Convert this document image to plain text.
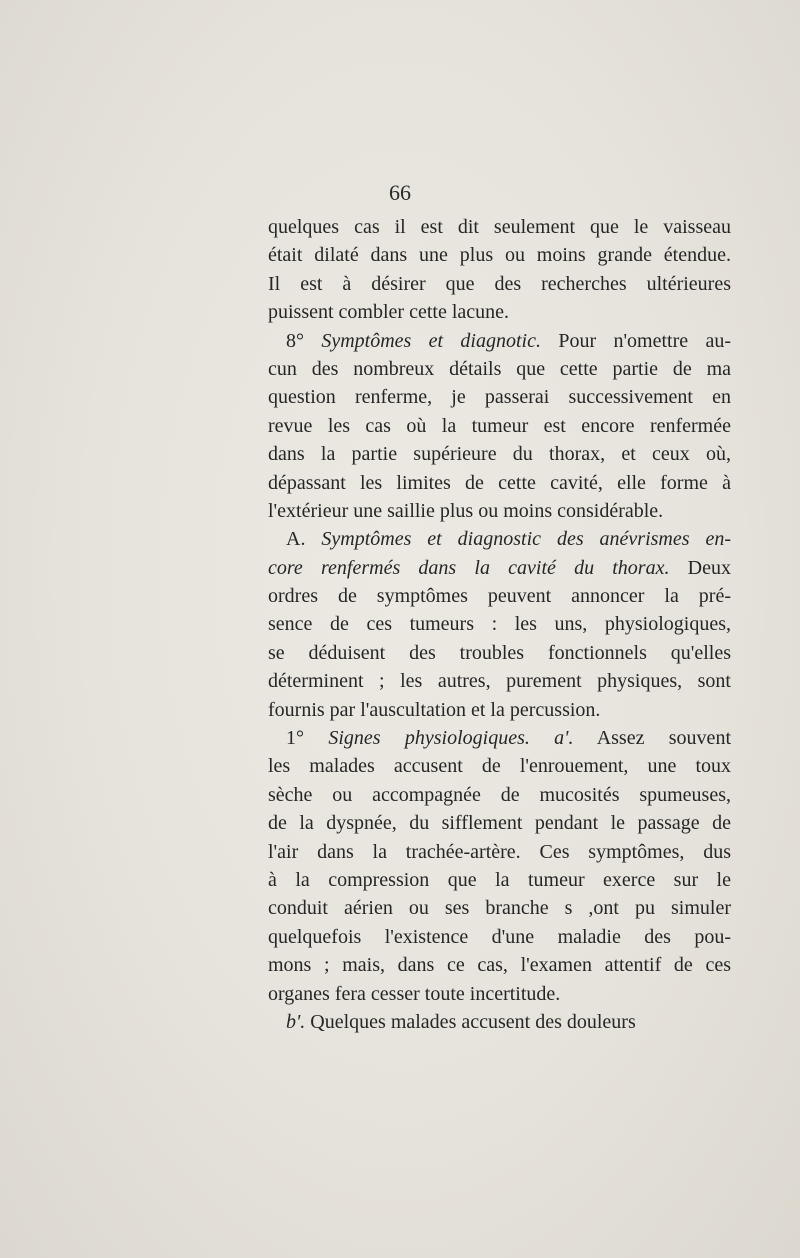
66
quelques cas il est dit seulement que le vaisseau
était dilaté dans une plus ou moins grande étendue.
Il est à désirer que des recherches ultérieures
puissent combler cette lacune.
8° Symptômes et diagnotic. Pour n'omettre au-
cun des nombreux détails que cette partie de ma
question renferme, je passerai successivement en
revue les cas où la tumeur est encore renfermée
dans la partie supérieure du thorax, et ceux où,
dépassant les limites de cette cavité, elle forme à
l'extérieur une saillie plus ou moins considérable.
A. Symptômes et diagnostic des anévrismes en-
core renfermés dans la cavité du thorax. Deux
ordres de symptômes peuvent annoncer la pré-
sence de ces tumeurs : les uns, physiologiques,
se déduisent des troubles fonctionnels qu'elles
déterminent ; les autres, purement physiques, sont
fournis par l'auscultation et la percussion.
1° Signes physiologiques. a'. Assez souvent
les malades accusent de l'enrouement, une toux
sèche ou accompagnée de mucosités spumeuses,
de la dyspnée, du sifflement pendant le passage de
l'air dans la trachée-artère. Ces symptômes, dus
à la compression que la tumeur exerce sur le
conduit aérien ou ses branche s ,ont pu simuler
quelquefois l'existence d'une maladie des pou-
mons ; mais, dans ce cas, l'examen attentif de ces
organes fera cesser toute incertitude.
b'. Quelques malades accusent des douleurs
